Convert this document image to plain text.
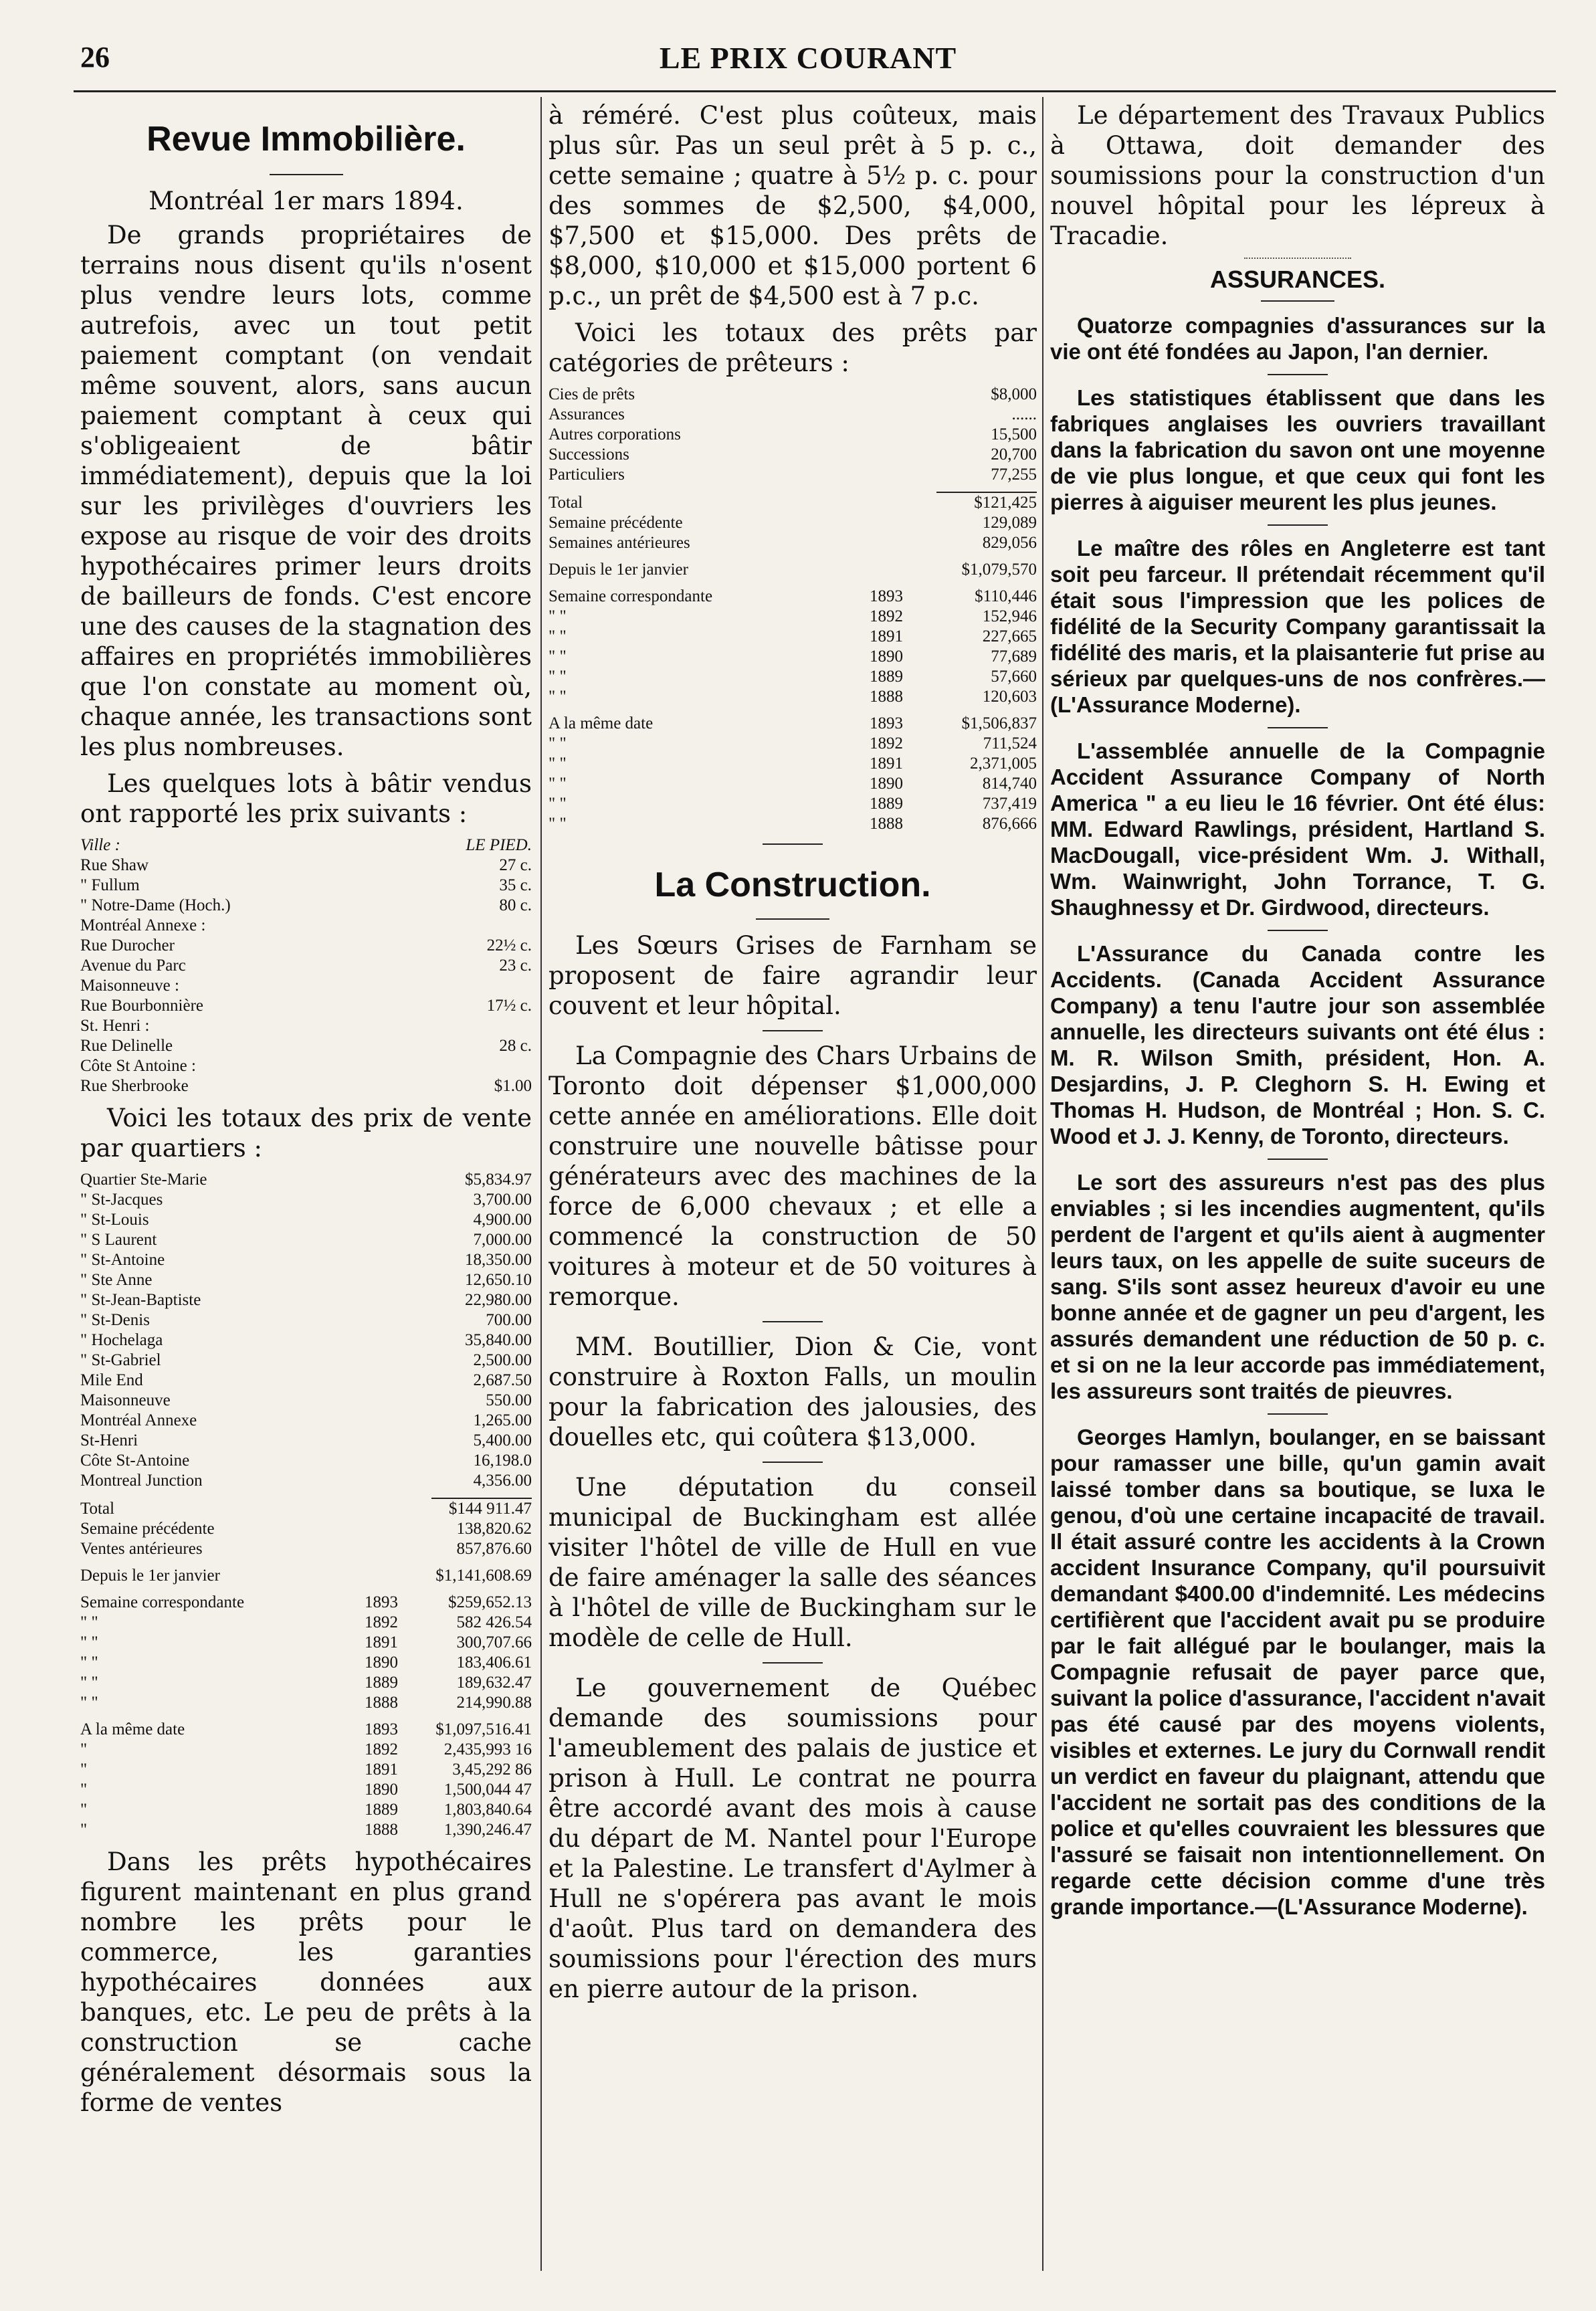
26	LE PRIX COURANT
Revue Immobilière.

Montréal 1er mars 1894.

De grands propriétaires de terrains nous disent qu'ils n'osent plus vendre leurs lots, comme autrefois, avec un tout petit paiement comptant (on vendait même souvent, alors, sans aucun paiement comptant à ceux qui s'obligeaient de bâtir immédiatement), depuis que la loi sur les privilèges d'ouvriers les expose au risque de voir des droits hypothécaires primer leurs droits de bailleurs de fonds. C'est encore une des causes de la stagnation des affaires en propriétés immobilières que l'on constate au moment où, chaque année, les transactions sont les plus nombreuses.

Les quelques lots à bâtir vendus ont rapporté les prix suivants :

Ville :	LE PIED.
Rue Shaw	27 c.
" Fullum	35 c.
" Notre-Dame (Hoch.)	80 c.
Montréal Annexe :	
Rue Durocher	22½ c.
Avenue du Parc	23 c.
Maisonneuve :	
Rue Bourbonnière	17½ c.
St. Henri :	
Rue Delinelle	28 c.
Côte St Antoine :	
Rue Sherbrooke	$1.00

Voici les totaux des prix de vente par quartiers :

Quartier Ste-Marie	$5,834.97
" St-Jacques	3,700.00
" St-Louis	4,900.00
" S Laurent	7,000.00
" St-Antoine	18,350.00
" Ste Anne	12,650.10
" St-Jean-Baptiste	22,980.00
" St-Denis	700.00
" Hochelaga	35,840.00
" St-Gabriel	2,500.00
Mile End	2,687.50
Maisonneuve	550.00
Montréal Annexe	1,265.00
St-Henri	5,400.00
Côte St-Antoine	16,198.0
Montreal Junction	4,356.00
Total	$144 911.47
Semaine précédente	138,820.62
Ventes antérieures	857,876.60
Depuis le 1er janvier	$1,141,608.69
Semaine correspondante	1893	$259,652.13
" "	1892	582 426.54
" "	1891	300,707.66
" "	1890	183,406.61
" "	1889	189,632.47
" "	1888	214,990.88
A la même date	1893	$1,097,516.41
"	1892	2,435,993 16
"	1891	3,45,292 86
"	1890	1,500,044 47
"	1889	1,803,840.64
"	1888	1,390,246.47

Dans les prêts hypothécaires figurent maintenant en plus grand nombre les prêts pour le commerce, les garanties hypothécaires données aux banques, etc. Le peu de prêts à la construction se cache généralement désormais sous la forme de ventes

à réméré. C'est plus coûteux, mais plus sûr. Pas un seul prêt à 5 p. c., cette semaine ; quatre à 5½ p. c. pour des sommes de $2,500, $4,000, $7,500 et $15,000. Des prêts de $8,000, $10,000 et $15,000 portent 6 p.c., un prêt de $4,500 est à 7 p.c.

Voici les totaux des prêts par catégories de prêteurs :

Cies de prêts	$8,000
Assurances	......
Autres corporations	15,500
Successions	20,700
Particuliers	77,255
Total	$121,425
Semaine précédente	129,089
Semaines antérieures	829,056
Depuis le 1er janvier	$1,079,570
Semaine correspondante	1893	$110,446
" "	1892	152,946
" "	1891	227,665
" "	1890	77,689
" "	1889	57,660
" "	1888	120,603
A la même date	1893	$1,506,837
" "	1892	711,524
" "	1891	2,371,005
" "	1890	814,740
" "	1889	737,419
" "	1888	876,666
La Construction.

Les Sœurs Grises de Farnham se proposent de faire agrandir leur couvent et leur hôpital.

La Compagnie des Chars Urbains de Toronto doit dépenser $1,000,000 cette année en améliorations. Elle doit construire une nouvelle bâtisse pour générateurs avec des machines de la force de 6,000 chevaux ; et elle a commencé la construction de 50 voitures à moteur et de 50 voitures à remorque.

MM. Boutillier, Dion & Cie, vont construire à Roxton Falls, un moulin pour la fabrication des jalousies, des douelles etc, qui coûtera $13,000.

Une députation du conseil municipal de Buckingham est allée visiter l'hôtel de ville de Hull en vue de faire aménager la salle des séances à l'hôtel de ville de Buckingham sur le modèle de celle de Hull.

Le gouvernement de Québec demande des soumissions pour l'ameublement des palais de justice et prison à Hull. Le contrat ne pourra être accordé avant des mois à cause du départ de M. Nantel pour l'Europe et la Palestine. Le transfert d'Aylmer à Hull ne s'opérera pas avant le mois d'août. Plus tard on demandera des soumissions pour l'érection des murs en pierre autour de la prison.

Le département des Travaux Publics à Ottawa, doit demander des soumissions pour la construction d'un nouvel hôpital pour les lépreux à Tracadie.

ASSURANCES.

Quatorze compagnies d'assurances sur la vie ont été fondées au Japon, l'an dernier.

Les statistiques établissent que dans les fabriques anglaises les ouvriers travaillant dans la fabrication du savon ont une moyenne de vie plus longue, et que ceux qui font les pierres à aiguiser meurent les plus jeunes.

Le maître des rôles en Angleterre est tant soit peu farceur. Il prétendait récemment qu'il était sous l'impression que les polices de fidélité de la Security Company garantissait la fidélité des maris, et la plaisanterie fut prise au sérieux par quelques-uns de nos confrères.—(L'Assurance Moderne).

L'assemblée annuelle de la Compagnie Accident Assurance Company of North America " a eu lieu le 16 février. Ont été élus: MM. Edward Rawlings, président, Hartland S. MacDougall, vice-président Wm. J. Withall, Wm. Wainwright, John Torrance, T. G. Shaughnessy et Dr. Girdwood, directeurs.

L'Assurance du Canada contre les Accidents. (Canada Accident Assurance Company) a tenu l'autre jour son assemblée annuelle, les directeurs suivants ont été élus : M. R. Wilson Smith, président, Hon. A. Desjardins, J. P. Cleghorn S. H. Ewing et Thomas H. Hudson, de Montréal ; Hon. S. C. Wood et J. J. Kenny, de Toronto, directeurs.

Le sort des assureurs n'est pas des plus enviables ; si les incendies augmentent, qu'ils perdent de l'argent et qu'ils aient à augmenter leurs taux, on les appelle de suite suceurs de sang. S'ils sont assez heureux d'avoir eu une bonne année et de gagner un peu d'argent, les assurés demandent une réduction de 50 p. c. et si on ne la leur accorde pas immédiatement, les assureurs sont traités de pieuvres.

Georges Hamlyn, boulanger, en se baissant pour ramasser une bille, qu'un gamin avait laissé tomber dans sa boutique, se luxa le genou, d'où une certaine incapacité de travail. Il était assuré contre les accidents à la Crown accident Insurance Company, qu'il poursuivit demandant $400.00 d'indemnité. Les médecins certifièrent que l'accident avait pu se produire par le fait allégué par le boulanger, mais la Compagnie refusait de payer parce que, suivant la police d'assurance, l'accident n'avait pas été causé par des moyens violents, visibles et externes. Le jury du Cornwall rendit un verdict en faveur du plaignant, attendu que l'accident ne sortait pas des conditions de la police et qu'elles couvraient les blessures que l'assuré se faisait non intentionnellement. On regarde cette décision comme d'une très grande importance.—(L'Assurance Moderne).
